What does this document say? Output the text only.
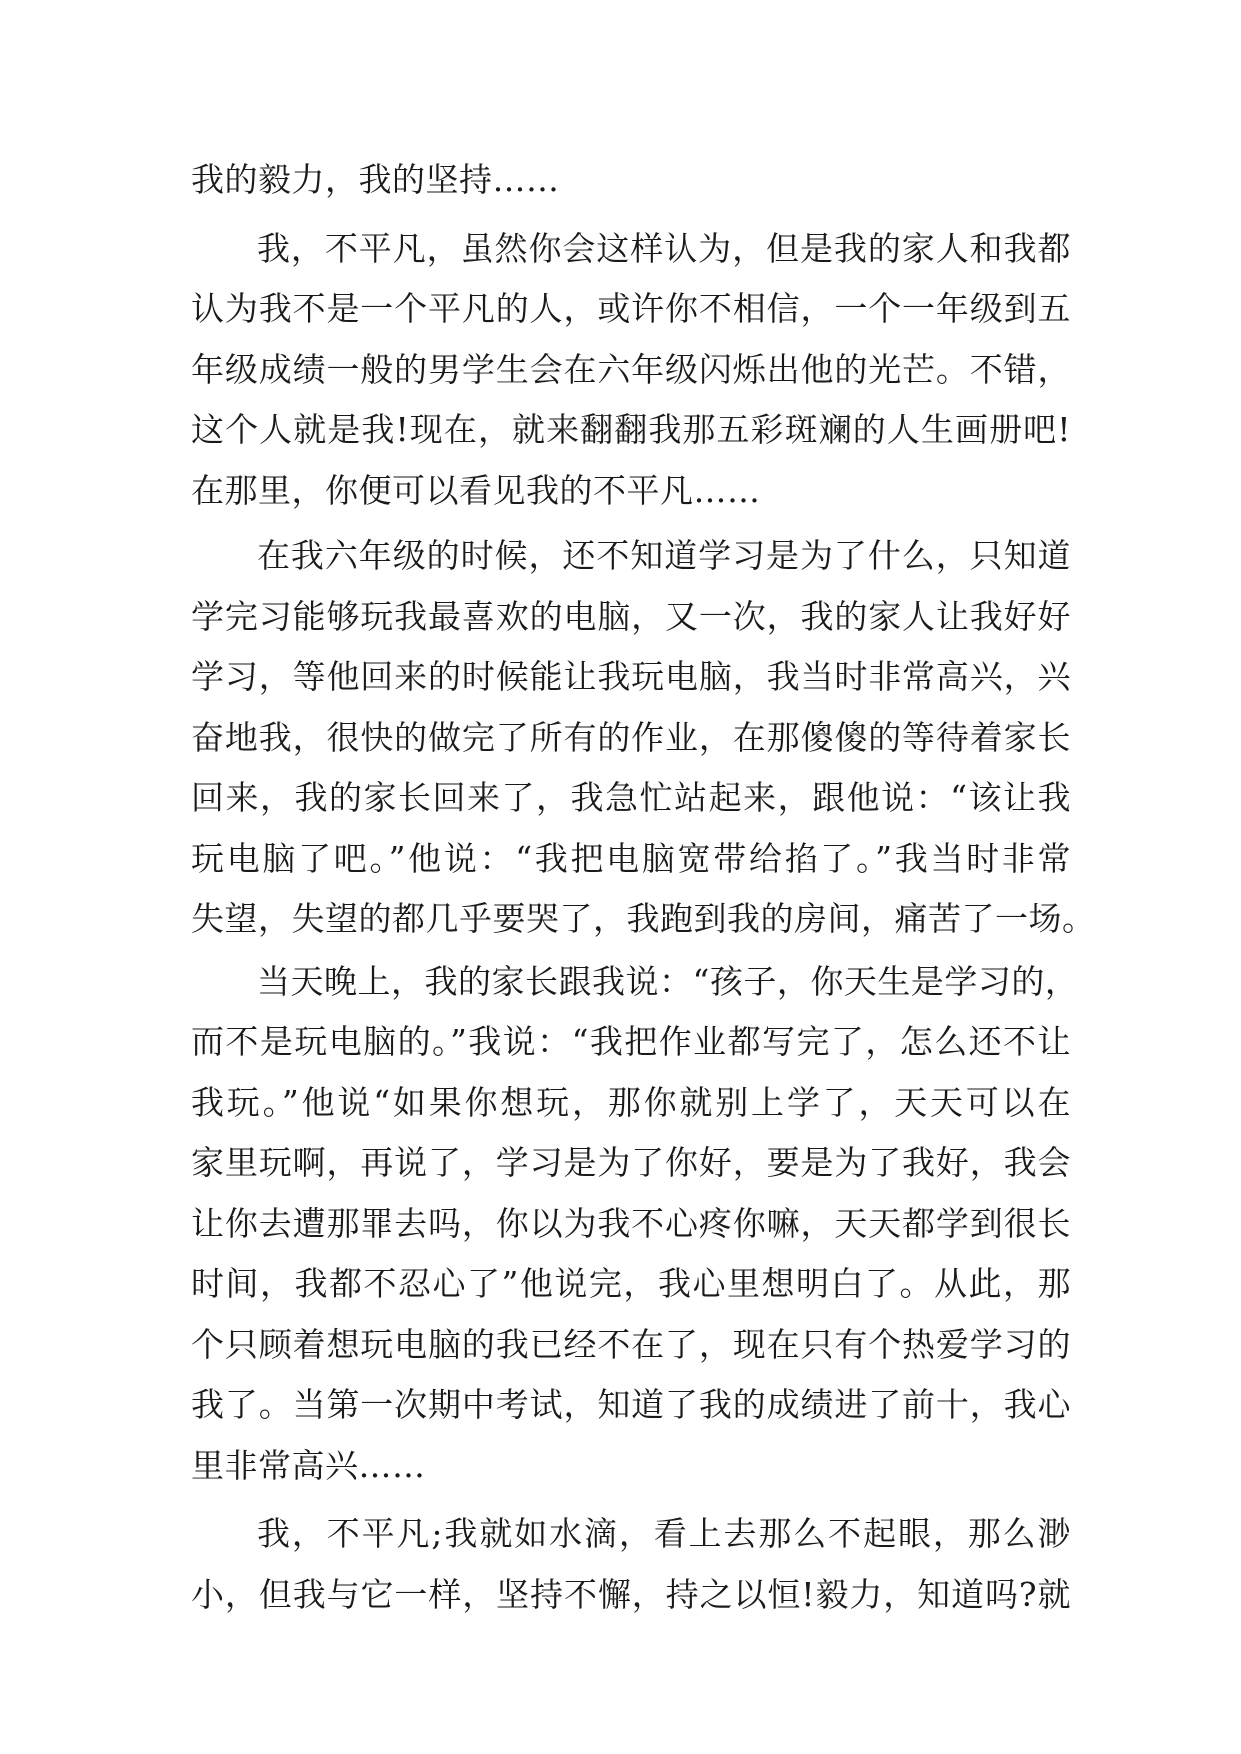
我的毅力，我的坚持……
我，不平凡，虽然你会这样认为，但是我的家人和我都
认为我不是一个平凡的人，或许你不相信，一个一年级到五
年级成绩一般的男学生会在六年级闪烁出他的光芒。不错，
这个人就是我!现在，就来翻翻我那五彩斑斓的人生画册吧!
在那里，你便可以看见我的不平凡……
在我六年级的时候，还不知道学习是为了什么，只知道
学完习能够玩我最喜欢的电脑，又一次，我的家人让我好好
学习，等他回来的时候能让我玩电脑，我当时非常高兴，兴
奋地我，很快的做完了所有的作业，在那傻傻的等待着家长
回来，我的家长回来了，我急忙站起来，跟他说：“该让我
玩电脑了吧。”他说：“我把电脑宽带给掐了。”我当时非常
失望，失望的都几乎要哭了，我跑到我的房间，痛苦了一场。
当天晚上，我的家长跟我说：“孩子，你天生是学习的，
而不是玩电脑的。”我说：“我把作业都写完了，怎么还不让
我玩。”他说“如果你想玩，那你就别上学了，天天可以在
家里玩啊，再说了，学习是为了你好，要是为了我好，我会
让你去遭那罪去吗，你以为我不心疼你嘛，天天都学到很长
时间，我都不忍心了”他说完，我心里想明白了。从此，那
个只顾着想玩电脑的我已经不在了，现在只有个热爱学习的
我了。当第一次期中考试，知道了我的成绩进了前十，我心
里非常高兴……
我，不平凡;我就如水滴，看上去那么不起眼，那么渺
小，但我与它一样，坚持不懈，持之以恒!毅力，知道吗?就
